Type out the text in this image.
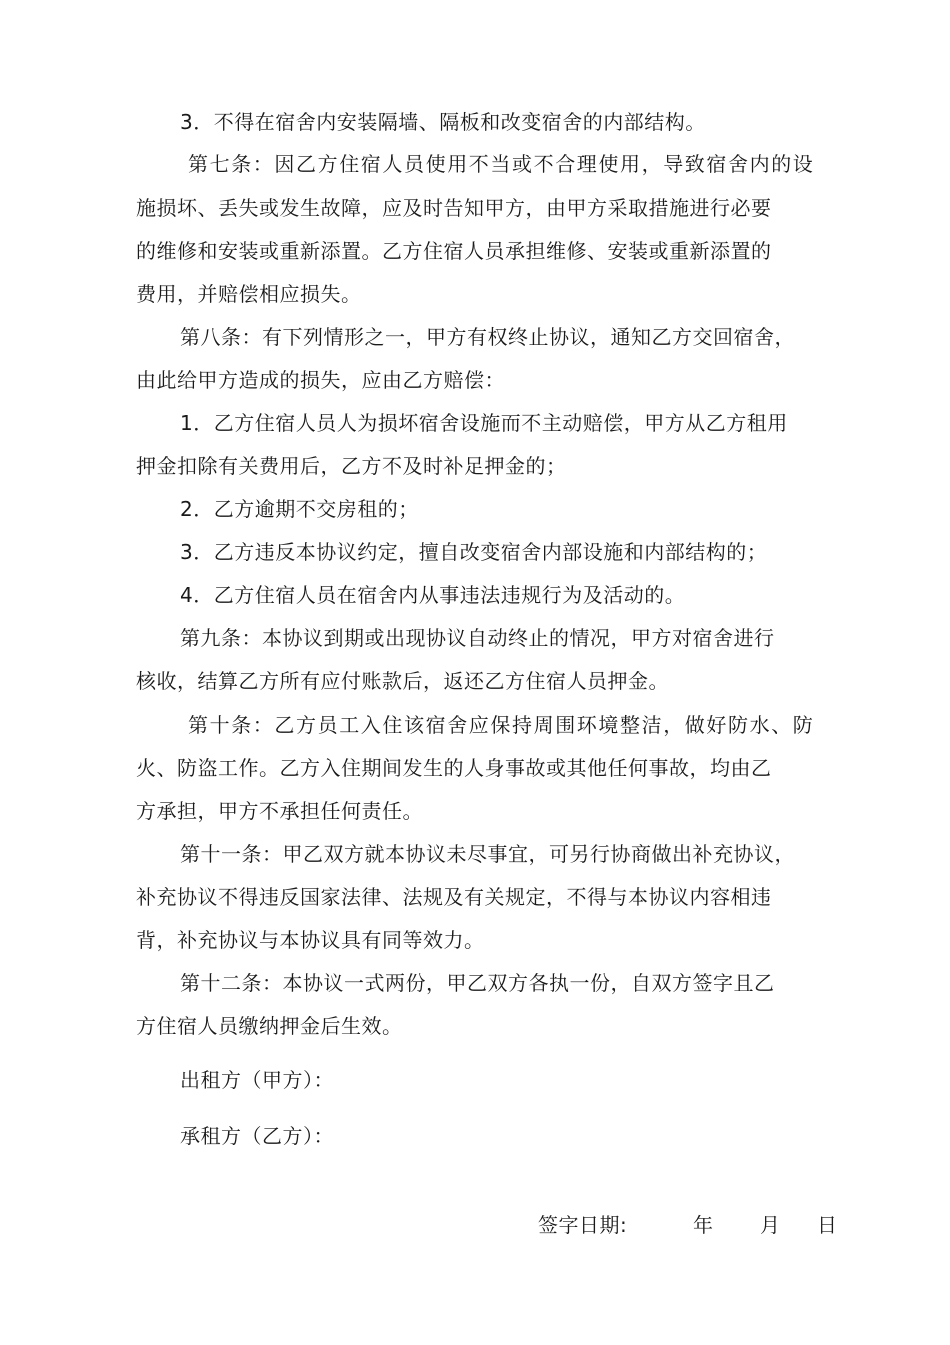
3．不得在宿舍内安装隔墙、隔板和改变宿舍的内部结构。
第七条：因乙方住宿人员使用不当或不合理使用，导致宿舍内的设
施损坏、丢失或发生故障，应及时告知甲方，由甲方采取措施进行必要
的维修和安装或重新添置。乙方住宿人员承担维修、安装或重新添置的
费用，并赔偿相应损失。
第八条：有下列情形之一，甲方有权终止协议，通知乙方交回宿舍，
由此给甲方造成的损失，应由乙方赔偿：
1．乙方住宿人员人为损坏宿舍设施而不主动赔偿，甲方从乙方租用
押金扣除有关费用后，乙方不及时补足押金的；
2．乙方逾期不交房租的；
3．乙方违反本协议约定，擅自改变宿舍内部设施和内部结构的；
4．乙方住宿人员在宿舍内从事违法违规行为及活动的。
第九条：本协议到期或出现协议自动终止的情况，甲方对宿舍进行
核收，结算乙方所有应付账款后，返还乙方住宿人员押金。
第十条：乙方员工入住该宿舍应保持周围环境整洁，做好防水、防
火、防盗工作。乙方入住期间发生的人身事故或其他任何事故，均由乙
方承担，甲方不承担任何责任。
第十一条：甲乙双方就本协议未尽事宜，可另行协商做出补充协议，
补充协议不得违反国家法律、法规及有关规定，不得与本协议内容相违
背，补充协议与本协议具有同等效力。
第十二条：本协议一式两份，甲乙双方各执一份，自双方签字且乙
方住宿人员缴纳押金后生效。
出租方（甲方）：
承租方（乙方）：
签字日期:	年 月 日
